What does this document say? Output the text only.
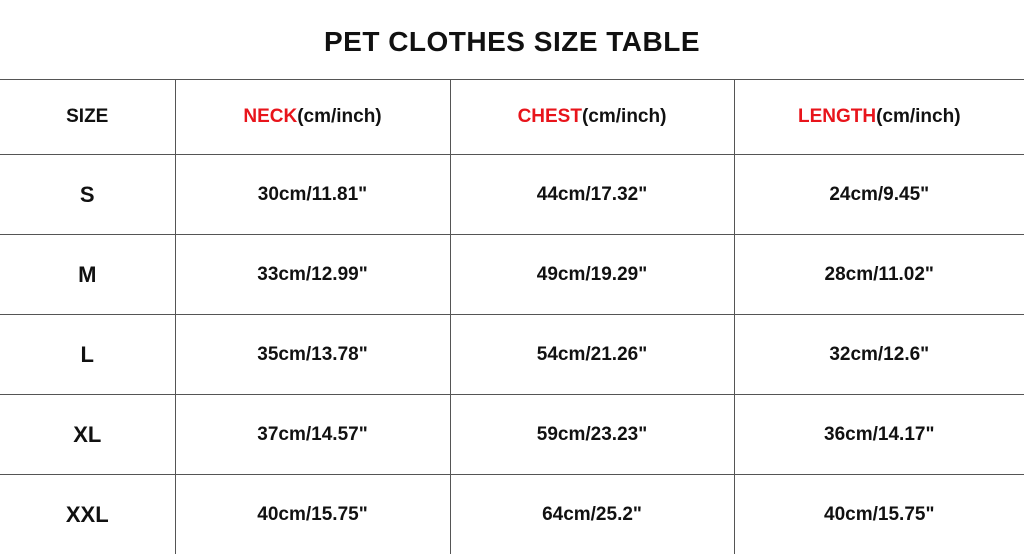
PET CLOTHES SIZE TABLE
SIZE	NECK(cm/inch)	CHEST(cm/inch)	LENGTH(cm/inch)
S	30cm/11.81"	44cm/17.32"	24cm/9.45"
M	33cm/12.99"	49cm/19.29"	28cm/11.02"
L	35cm/13.78"	54cm/21.26"	32cm/12.6"
XL	37cm/14.57"	59cm/23.23"	36cm/14.17"
XXL	40cm/15.75"	64cm/25.2"	40cm/15.75"
